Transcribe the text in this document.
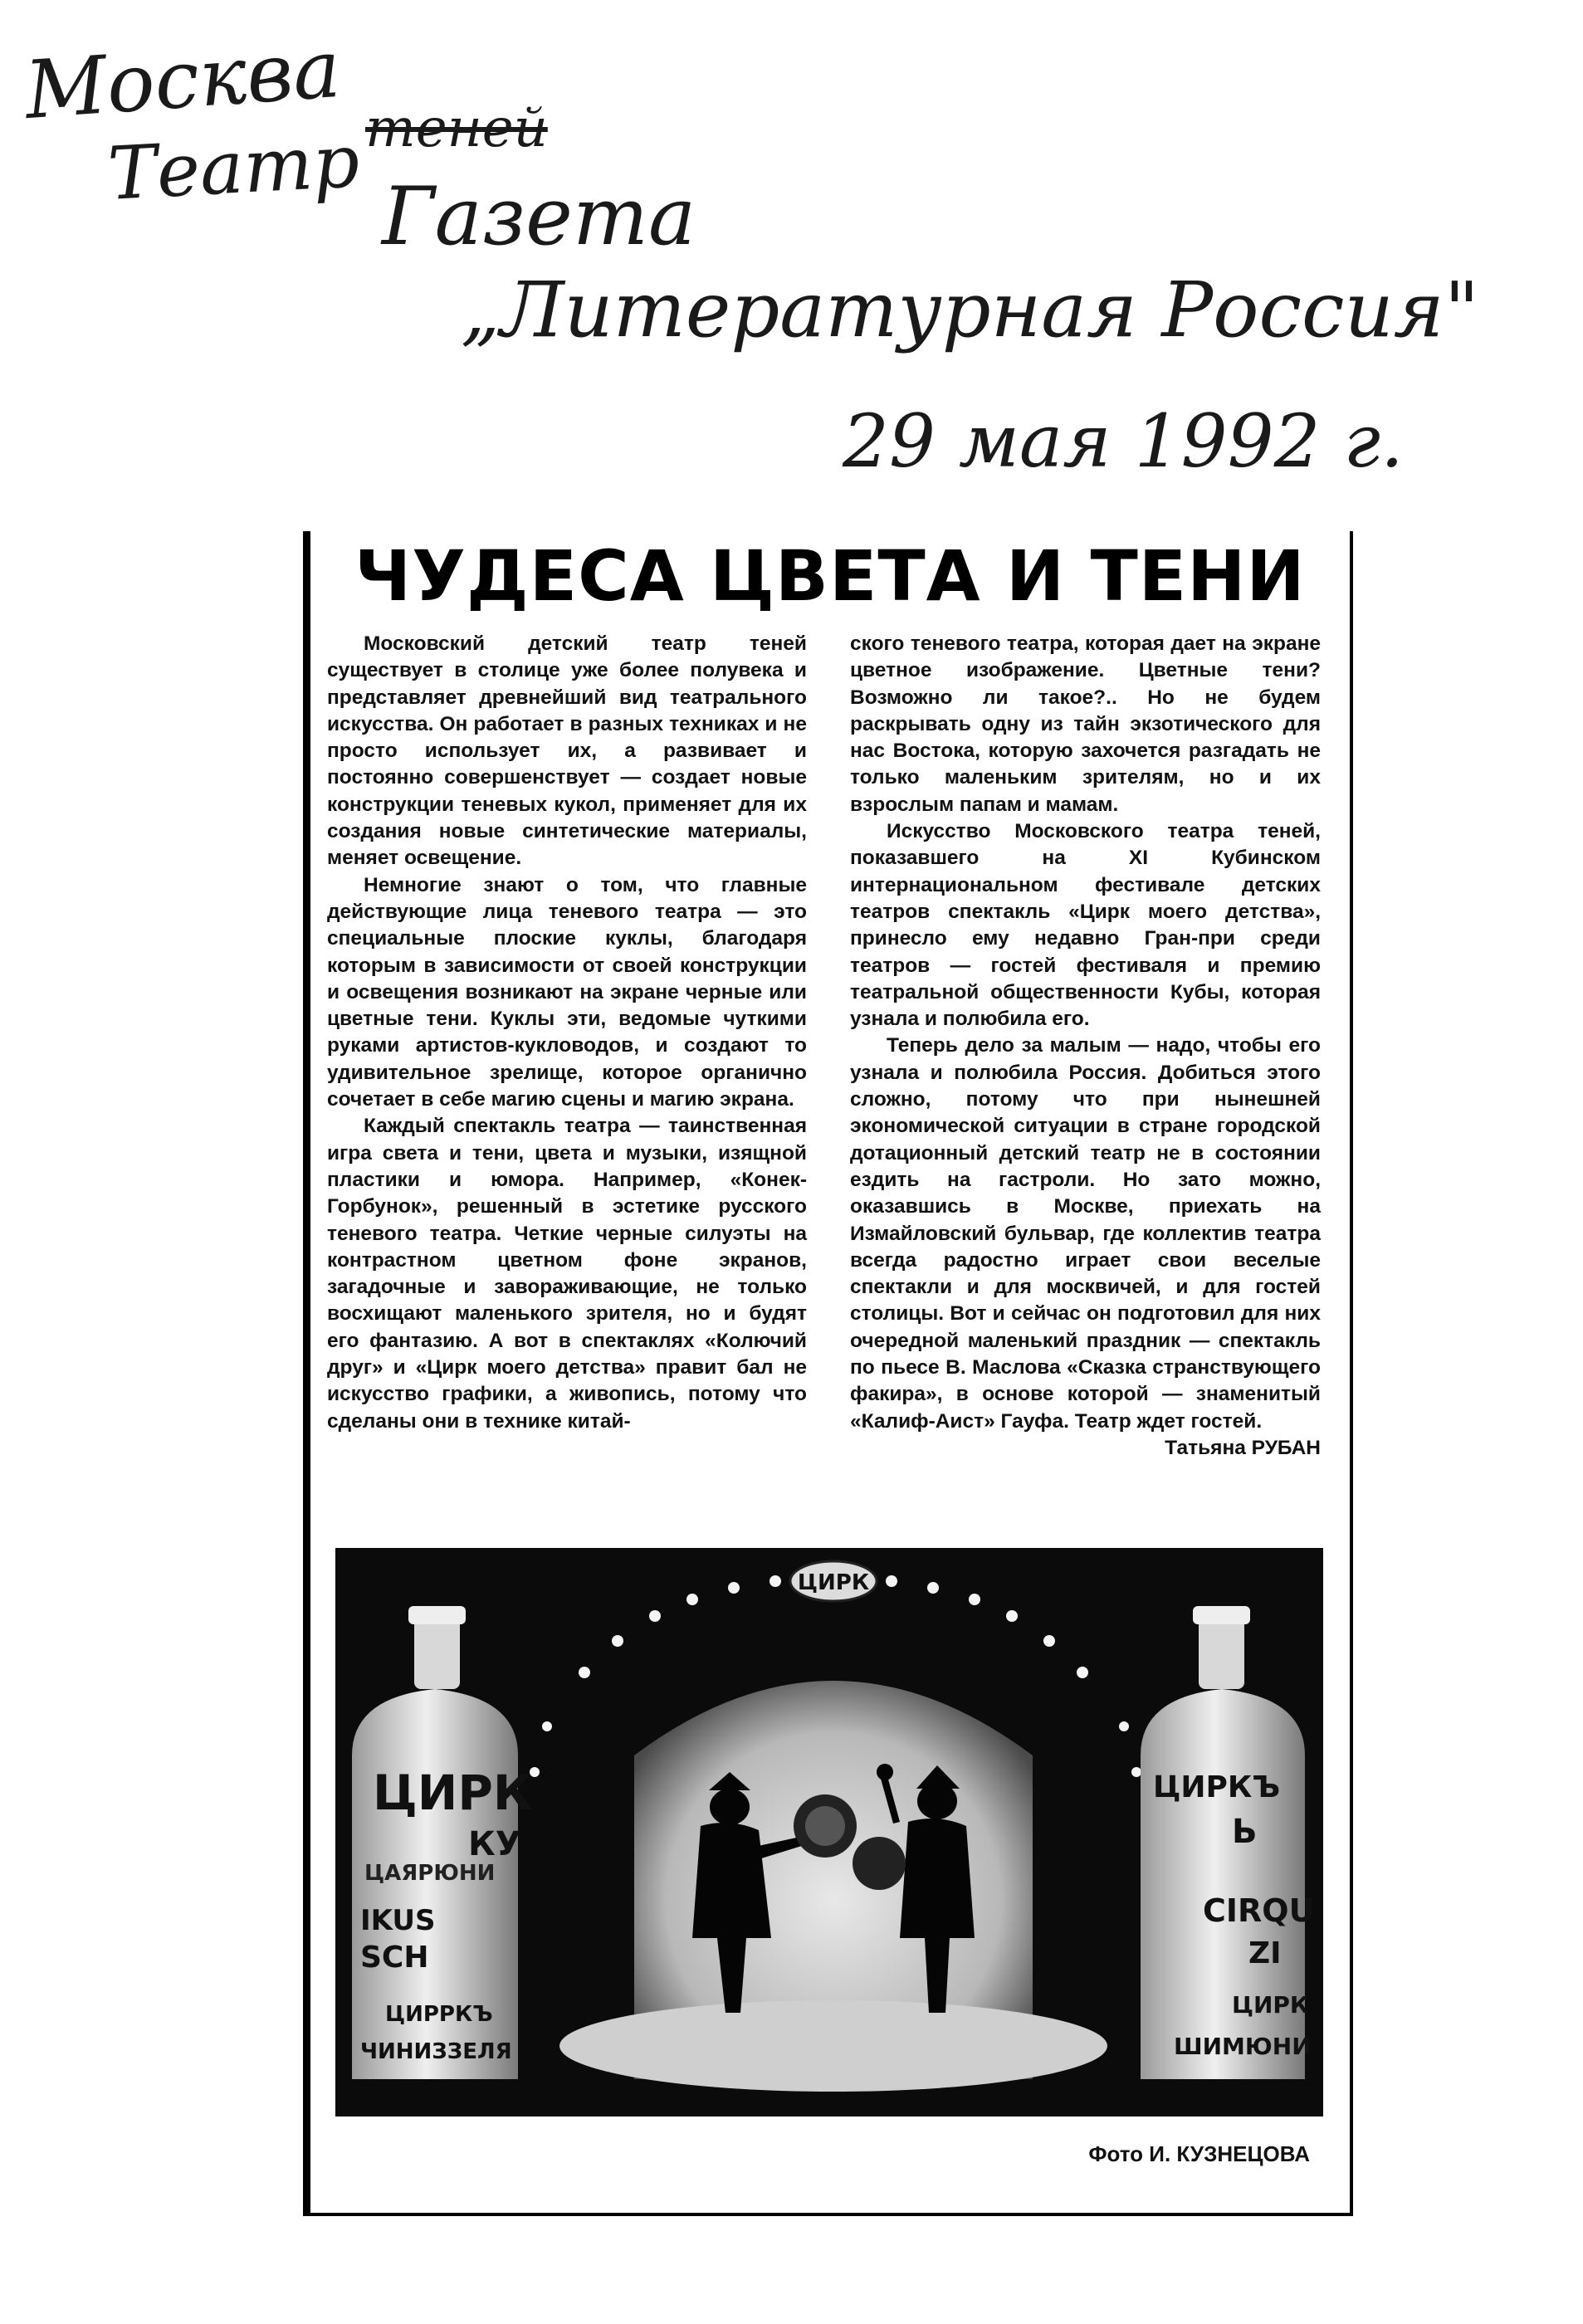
Москва
Театр теней
Газета
„Литературная Россия"
29 мая 1992 г.
ЧУДЕСА ЦВЕТА И ТЕНИ

Московский детский театр теней существует в столице уже более полувека и представляет древнейший вид театрального искусства. Он работает в разных техниках и не просто использует их, а развивает и постоянно совершенствует — создает новые конструкции теневых кукол, применяет для их создания новые синтетические материалы, меняет освещение.

Немногие знают о том, что главные действующие лица теневого театра — это специальные плоские куклы, благодаря которым в зависимости от своей конструкции и освещения возникают на экране черные или цветные тени. Куклы эти, ведомые чуткими руками артистов-кукловодов, и создают то удивительное зрелище, которое органично сочетает в себе магию сцены и магию экрана.

Каждый спектакль театра — таинственная игра света и тени, цвета и музыки, изящной пластики и юмора. Например, «Конек-Горбунок», решенный в эстетике русского теневого театра. Четкие черные силуэты на контрастном цветном фоне экранов, загадочные и завораживающие, не только восхищают маленького зрителя, но и будят его фантазию. А вот в спектаклях «Колючий друг» и «Цирк моего детства» правит бал не искусство графики, а живопись, потому что сделаны они в технике китай-

ского теневого театра, которая дает на экране цветное изображение. Цветные тени? Возможно ли такое?.. Но не будем раскрывать одну из тайн экзотического для нас Востока, которую захочется разгадать не только маленьким зрителям, но и их взрослым папам и мамам.

Искусство Московского театра теней, показавшего на XI Кубинском интернациональном фестивале детских театров спектакль «Цирк моего детства», принесло ему недавно Гран-при среди театров — гостей фестиваля и премию театральной общественности Кубы, которая узнала и полюбила его.

Теперь дело за малым — надо, чтобы его узнала и полюбила Россия. Добиться этого сложно, потому что при нынешней экономической ситуации в стране городской дотационный детский театр не в состоянии ездить на гастроли. Но зато можно, оказавшись в Москве, приехать на Измайловский бульвар, где коллектив театра всегда радостно играет свои веселые спектакли и для москвичей, и для гостей столицы. Вот и сейчас он подготовил для них очередной маленький праздник — спектакль по пьесе В. Маслова «Сказка странствующего факира», в основе которой — знаменитый «Калиф-Аист» Гауфа. Театр ждет гостей.

Татьяна РУБАН

ЦИРК
ЦИРК
КУ
ЦАЯРЮНИ
IKUS
SCH
ЦИРРКЪ
ЧИНИЗЗЕЛЯ
ЦИРКЪ
Ь
CIRQU
ZI
ЦИРК
ШИМЮНИ

Фото И. КУЗНЕЦОВА
